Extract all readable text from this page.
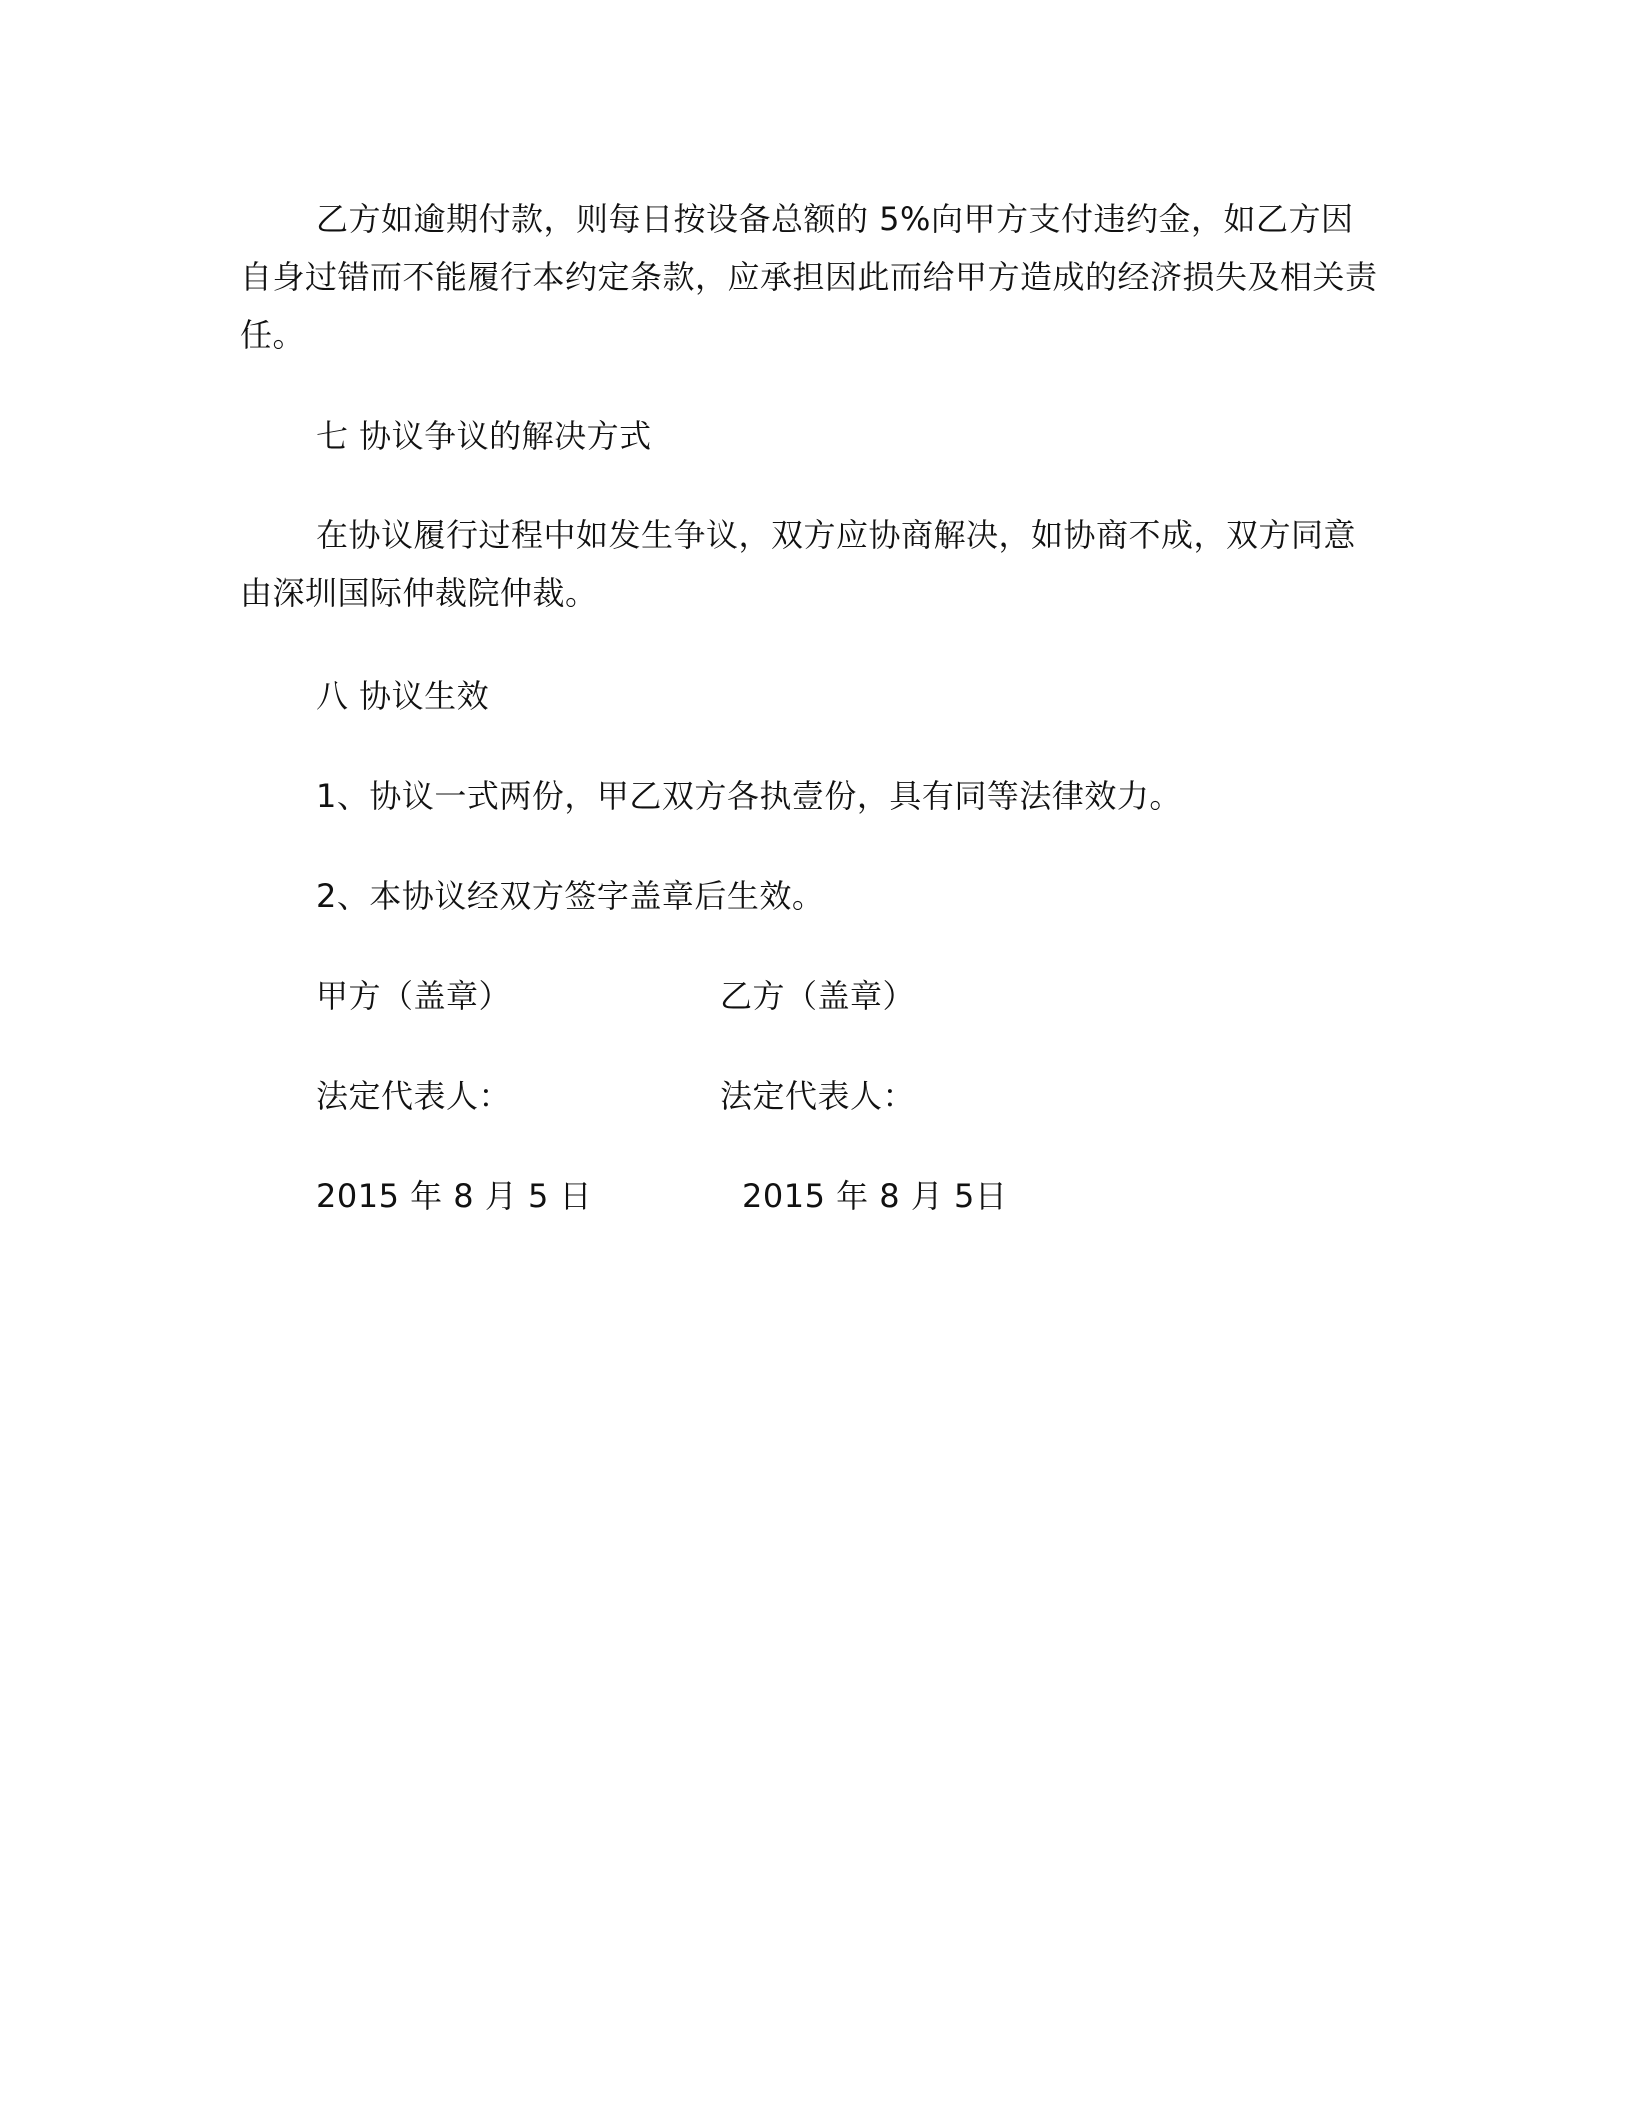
乙方如逾期付款，则每日按设备总额的 5%向甲方支付违约金，如乙方因自身过错而不能履行本约定条款，应承担因此而给甲方造成的经济损失及相关责任。

七 协议争议的解决方式

在协议履行过程中如发生争议，双方应协商解决，如协商不成，双方同意由深圳国际仲裁院仲裁。

八 协议生效

1、协议一式两份，甲乙双方各执壹份，具有同等法律效力。

2、本协议经双方签字盖章后生效。

甲方（盖章）	乙方（盖章）

法定代表人：	法定代表人：

2015 年 8 月 5 日	2015 年 8 月 5日
